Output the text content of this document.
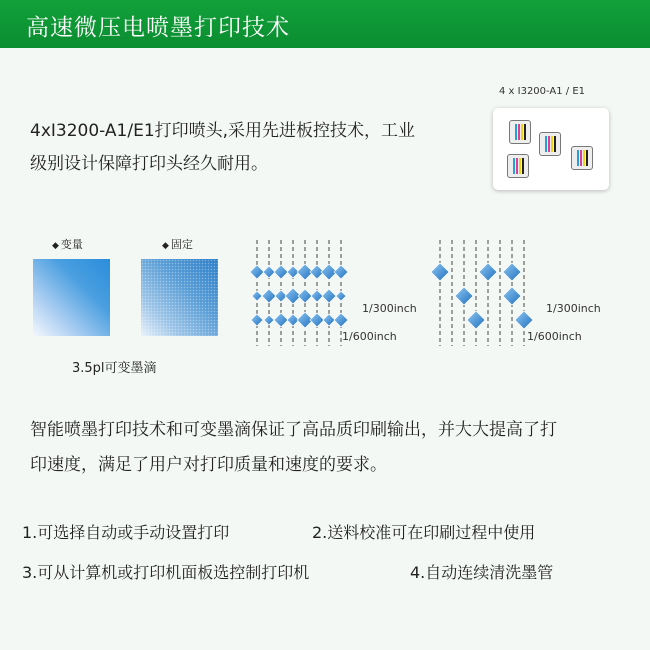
高速微压电喷墨打印技术
4xI3200-A1/E1打印喷头,采用先进板控技术，工业
级别设计保障打印头经久耐用。
4 x I3200-A1 / E1
◆ 变量	◆ 固定
3.5pl可变墨滴
1/300inch
1/600inch
1/300inch
1/600inch
智能喷墨打印技术和可变墨滴保证了高品质印刷输出，并大大提高了打
印速度，满足了用户对打印质量和速度的要求。
1.可选择自动或手动设置打印	2.送料校准可在印刷过程中使用
3.可从计算机或打印机面板选控制打印机	4.自动连续清洗墨管
